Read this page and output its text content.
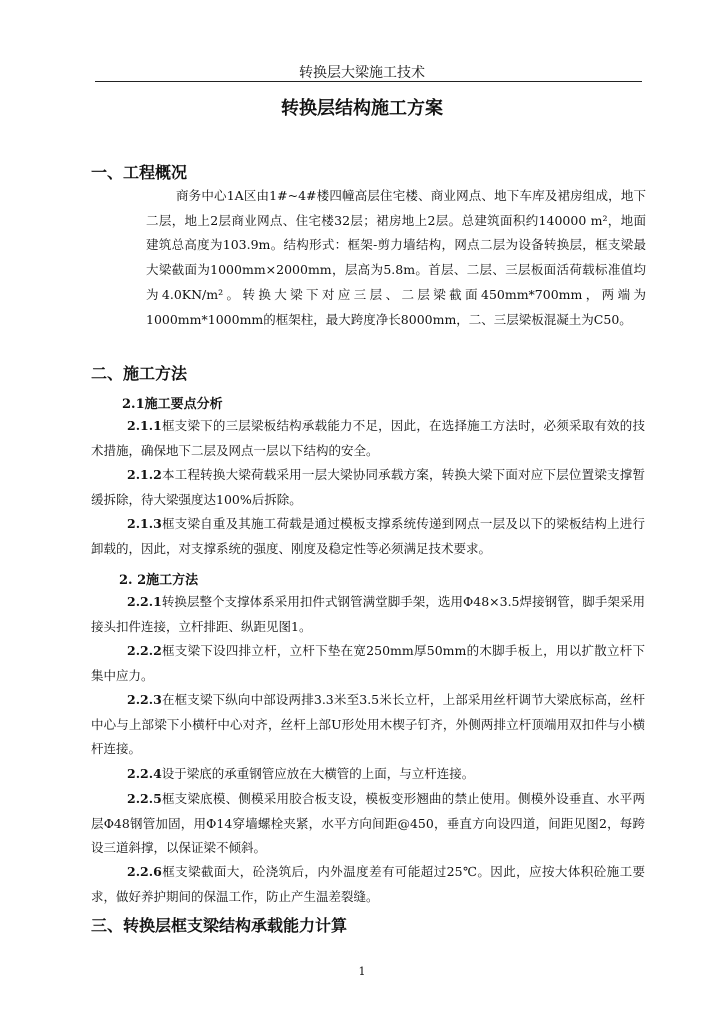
转换层大梁施工技术
转换层结构施工方案
一、工程概况

商务中心1A区由1#~4#楼四幢高层住宅楼、商业网点、地下车库及裙房组成，地下二层，地上2层商业网点、住宅楼32层；裙房地上2层。总建筑面积约140000 m²，地面建筑总高度为103.9m。结构形式：框架-剪力墙结构，网点二层为设备转换层，框支梁最大梁截面为1000mm×2000mm，层高为5.8m。首层、二层、三层板面活荷载标准值均为4.0KN/m²。转换大梁下对应三层、二层梁截面450mm*700mm，两端为1000mm*1000mm的框架柱，最大跨度净长8000mm，二、三层梁板混凝土为C50。

二、施工方法
2.1施工要点分析

2.1.1框支梁下的三层梁板结构承载能力不足，因此，在选择施工方法时，必须采取有效的技术措施，确保地下二层及网点一层以下结构的安全。

2.1.2本工程转换大梁荷载采用一层大梁协同承载方案，转换大梁下面对应下层位置梁支撑暂缓拆除，待大梁强度达100%后拆除。

2.1.3框支梁自重及其施工荷载是通过模板支撑系统传递到网点一层及以下的梁板结构上进行卸载的，因此，对支撑系统的强度、刚度及稳定性等必须满足技术要求。

2. 2施工方法

2.2.1转换层整个支撑体系采用扣件式钢管满堂脚手架，选用Φ48×3.5焊接钢管，脚手架采用接头扣件连接，立杆排距、纵距见图1。

2.2.2框支梁下设四排立杆，立杆下垫在宽250mm厚50mm的木脚手板上，用以扩散立杆下集中应力。

2.2.3在框支梁下纵向中部设两排3.3米至3.5米长立杆，上部采用丝杆调节大梁底标高，丝杆中心与上部梁下小横杆中心对齐，丝杆上部U形处用木楔子钉齐，外侧两排立杆顶端用双扣件与小横杆连接。

2.2.4设于梁底的承重钢管应放在大横管的上面，与立杆连接。

2.2.5框支梁底模、侧模采用胶合板支设，模板变形翘曲的禁止使用。侧模外设垂直、水平两层Φ48钢管加固，用Φ14穿墙螺栓夹紧，水平方向间距@450，垂直方向设四道，间距见图2，每跨设三道斜撑，以保证梁不倾斜。

2.2.6框支梁截面大，砼浇筑后，内外温度差有可能超过25℃。因此，应按大体积砼施工要求，做好养护期间的保温工作，防止产生温差裂缝。

三、转换层框支梁结构承载能力计算
1
